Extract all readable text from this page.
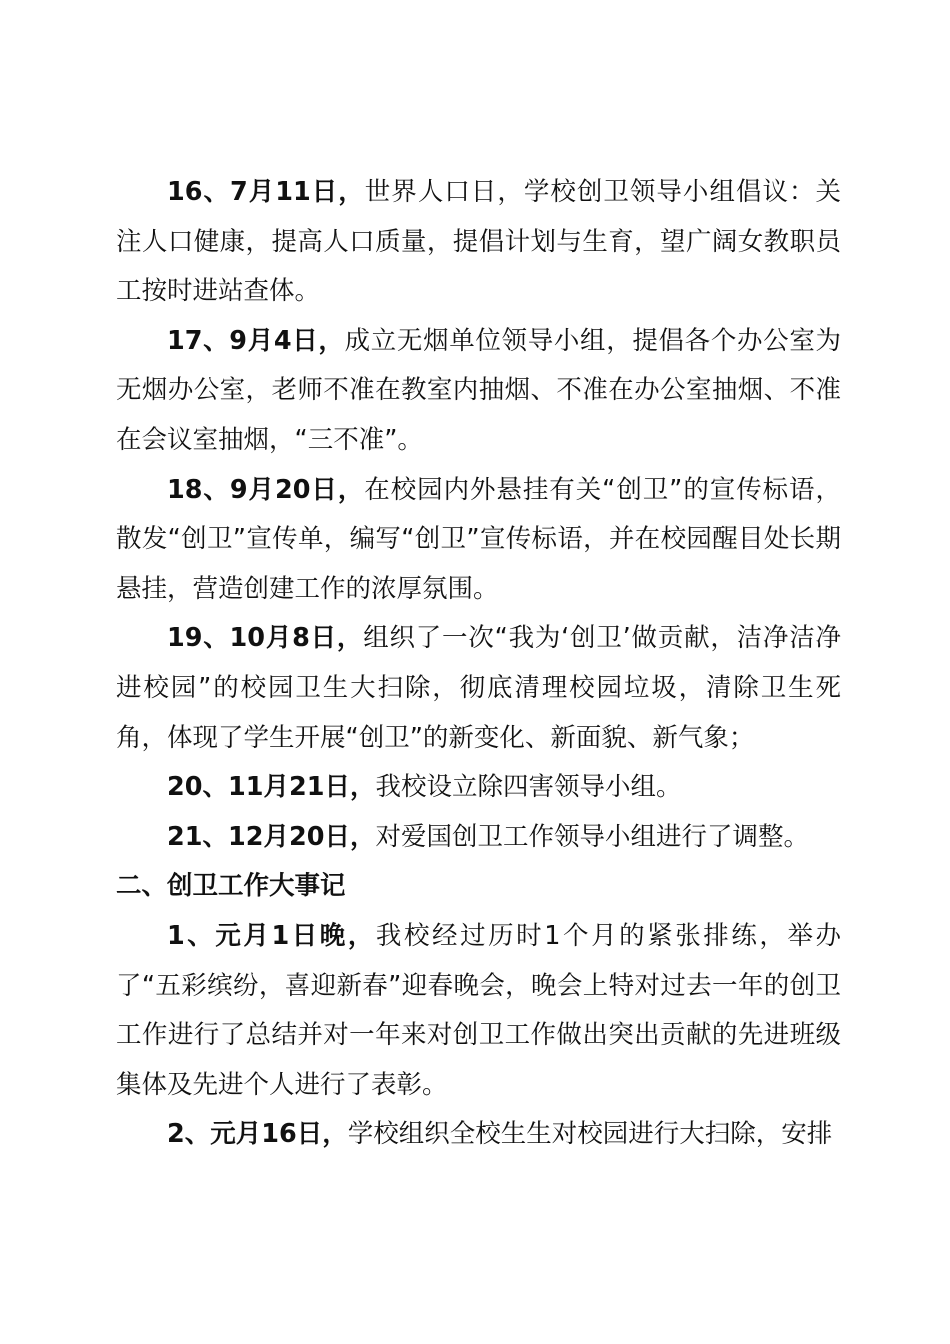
16、7月11日，世界人口日，学校创卫领导小组倡议：关注人口健康，提高人口质量，提倡计划与生育，望广阔女教职员工按时进站查体。

17、9月4日，成立无烟单位领导小组，提倡各个办公室为无烟办公室，老师不准在教室内抽烟、不准在办公室抽烟、不准在会议室抽烟，“三不准”。

18、9月20日，在校园内外悬挂有关“创卫”的宣传标语，散发“创卫”宣传单，编写“创卫”宣传标语，并在校园醒目处长期悬挂，营造创建工作的浓厚氛围。

19、10月8日，组织了一次“我为‘创卫’做贡献，洁净洁净进校园”的校园卫生大扫除，彻底清理校园垃圾，清除卫生死角，体现了学生开展“创卫”的新变化、新面貌、新气象；

20、11月21日，我校设立除四害领导小组。

21、12月20日，对爱国创卫工作领导小组进行了调整。

二、创卫工作大事记

1、元月1日晚，我校经过历时1个月的紧张排练，举办了“五彩缤纷，喜迎新春”迎春晚会，晚会上特对过去一年的创卫工作进行了总结并对一年来对创卫工作做出突出贡献的先进班级集体及先进个人进行了表彰。

2、元月16日，学校组织全校生生对校园进行大扫除，安排
